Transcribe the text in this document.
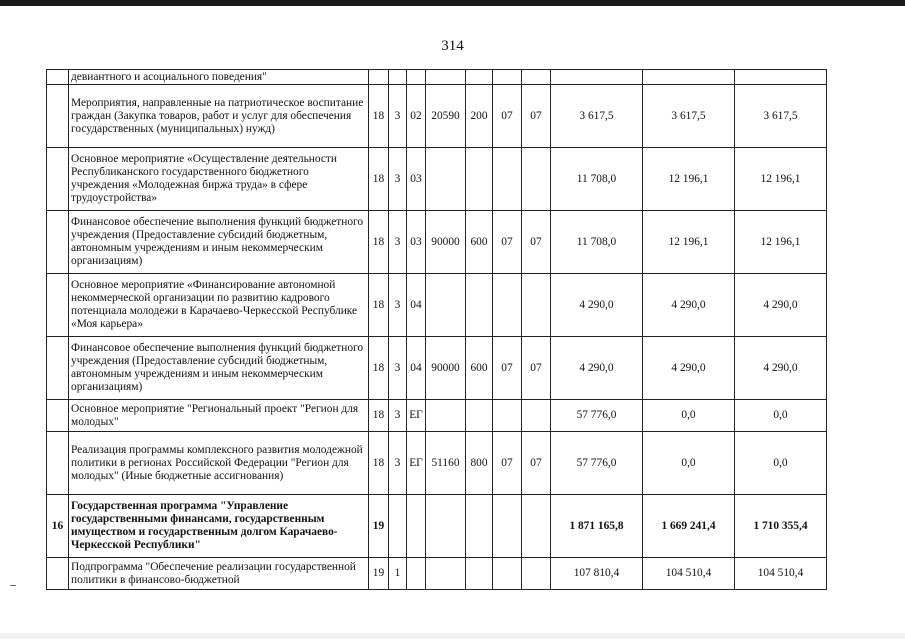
314
	девиантного и асоциального поведения"										
	Мероприятия, направленные на патриотическое воспитание граждан (Закупка товаров, работ и услуг для обеспечения государственных (муниципальных) нужд)	18	3	02	20590	200	07	07	3 617,5	3 617,5	3 617,5
	Основное мероприятие «Осуществление деятельности Республиканского государственного бюджетного учреждения «Молодежная биржа труда» в сфере трудоустройства»	18	3	03					11 708,0	12 196,1	12 196,1
	Финансовое обеспечение выполнения функций бюджетного учреждения (Предоставление субсидий бюджетным, автономным учреждениям и иным некоммерческим организациям)	18	3	03	90000	600	07	07	11 708,0	12 196,1	12 196,1
	Основное мероприятие «Финансирование автономной некоммерческой организации по развитию кадрового потенциала молодежи в Карачаево-Черкесской Республике «Моя карьера»	18	3	04					4 290,0	4 290,0	4 290,0
	Финансовое обеспечение выполнения функций бюджетного учреждения (Предоставление субсидий бюджетным, автономным учреждениям и иным некоммерческим организациям)	18	3	04	90000	600	07	07	4 290,0	4 290,0	4 290,0
	Основное мероприятие "Региональный проект "Регион для молодых"	18	3	ЕГ					57 776,0	0,0	0,0
	Реализация программы комплексного развития молодежной политики в регионах Российской Федерации "Регион для молодых" (Иные бюджетные ассигнования)	18	3	ЕГ	51160	800	07	07	57 776,0	0,0	0,0
16	Государственная программа "Управление государственными финансами, государственным имуществом и государственным долгом Карачаево-Черкесской Республики"	19							1 871 165,8	1 669 241,4	1 710 355,4
	Подпрограмма "Обеспечение реализации государственной политики в финансово-бюджетной	19	1						107 810,4	104 510,4	104 510,4
